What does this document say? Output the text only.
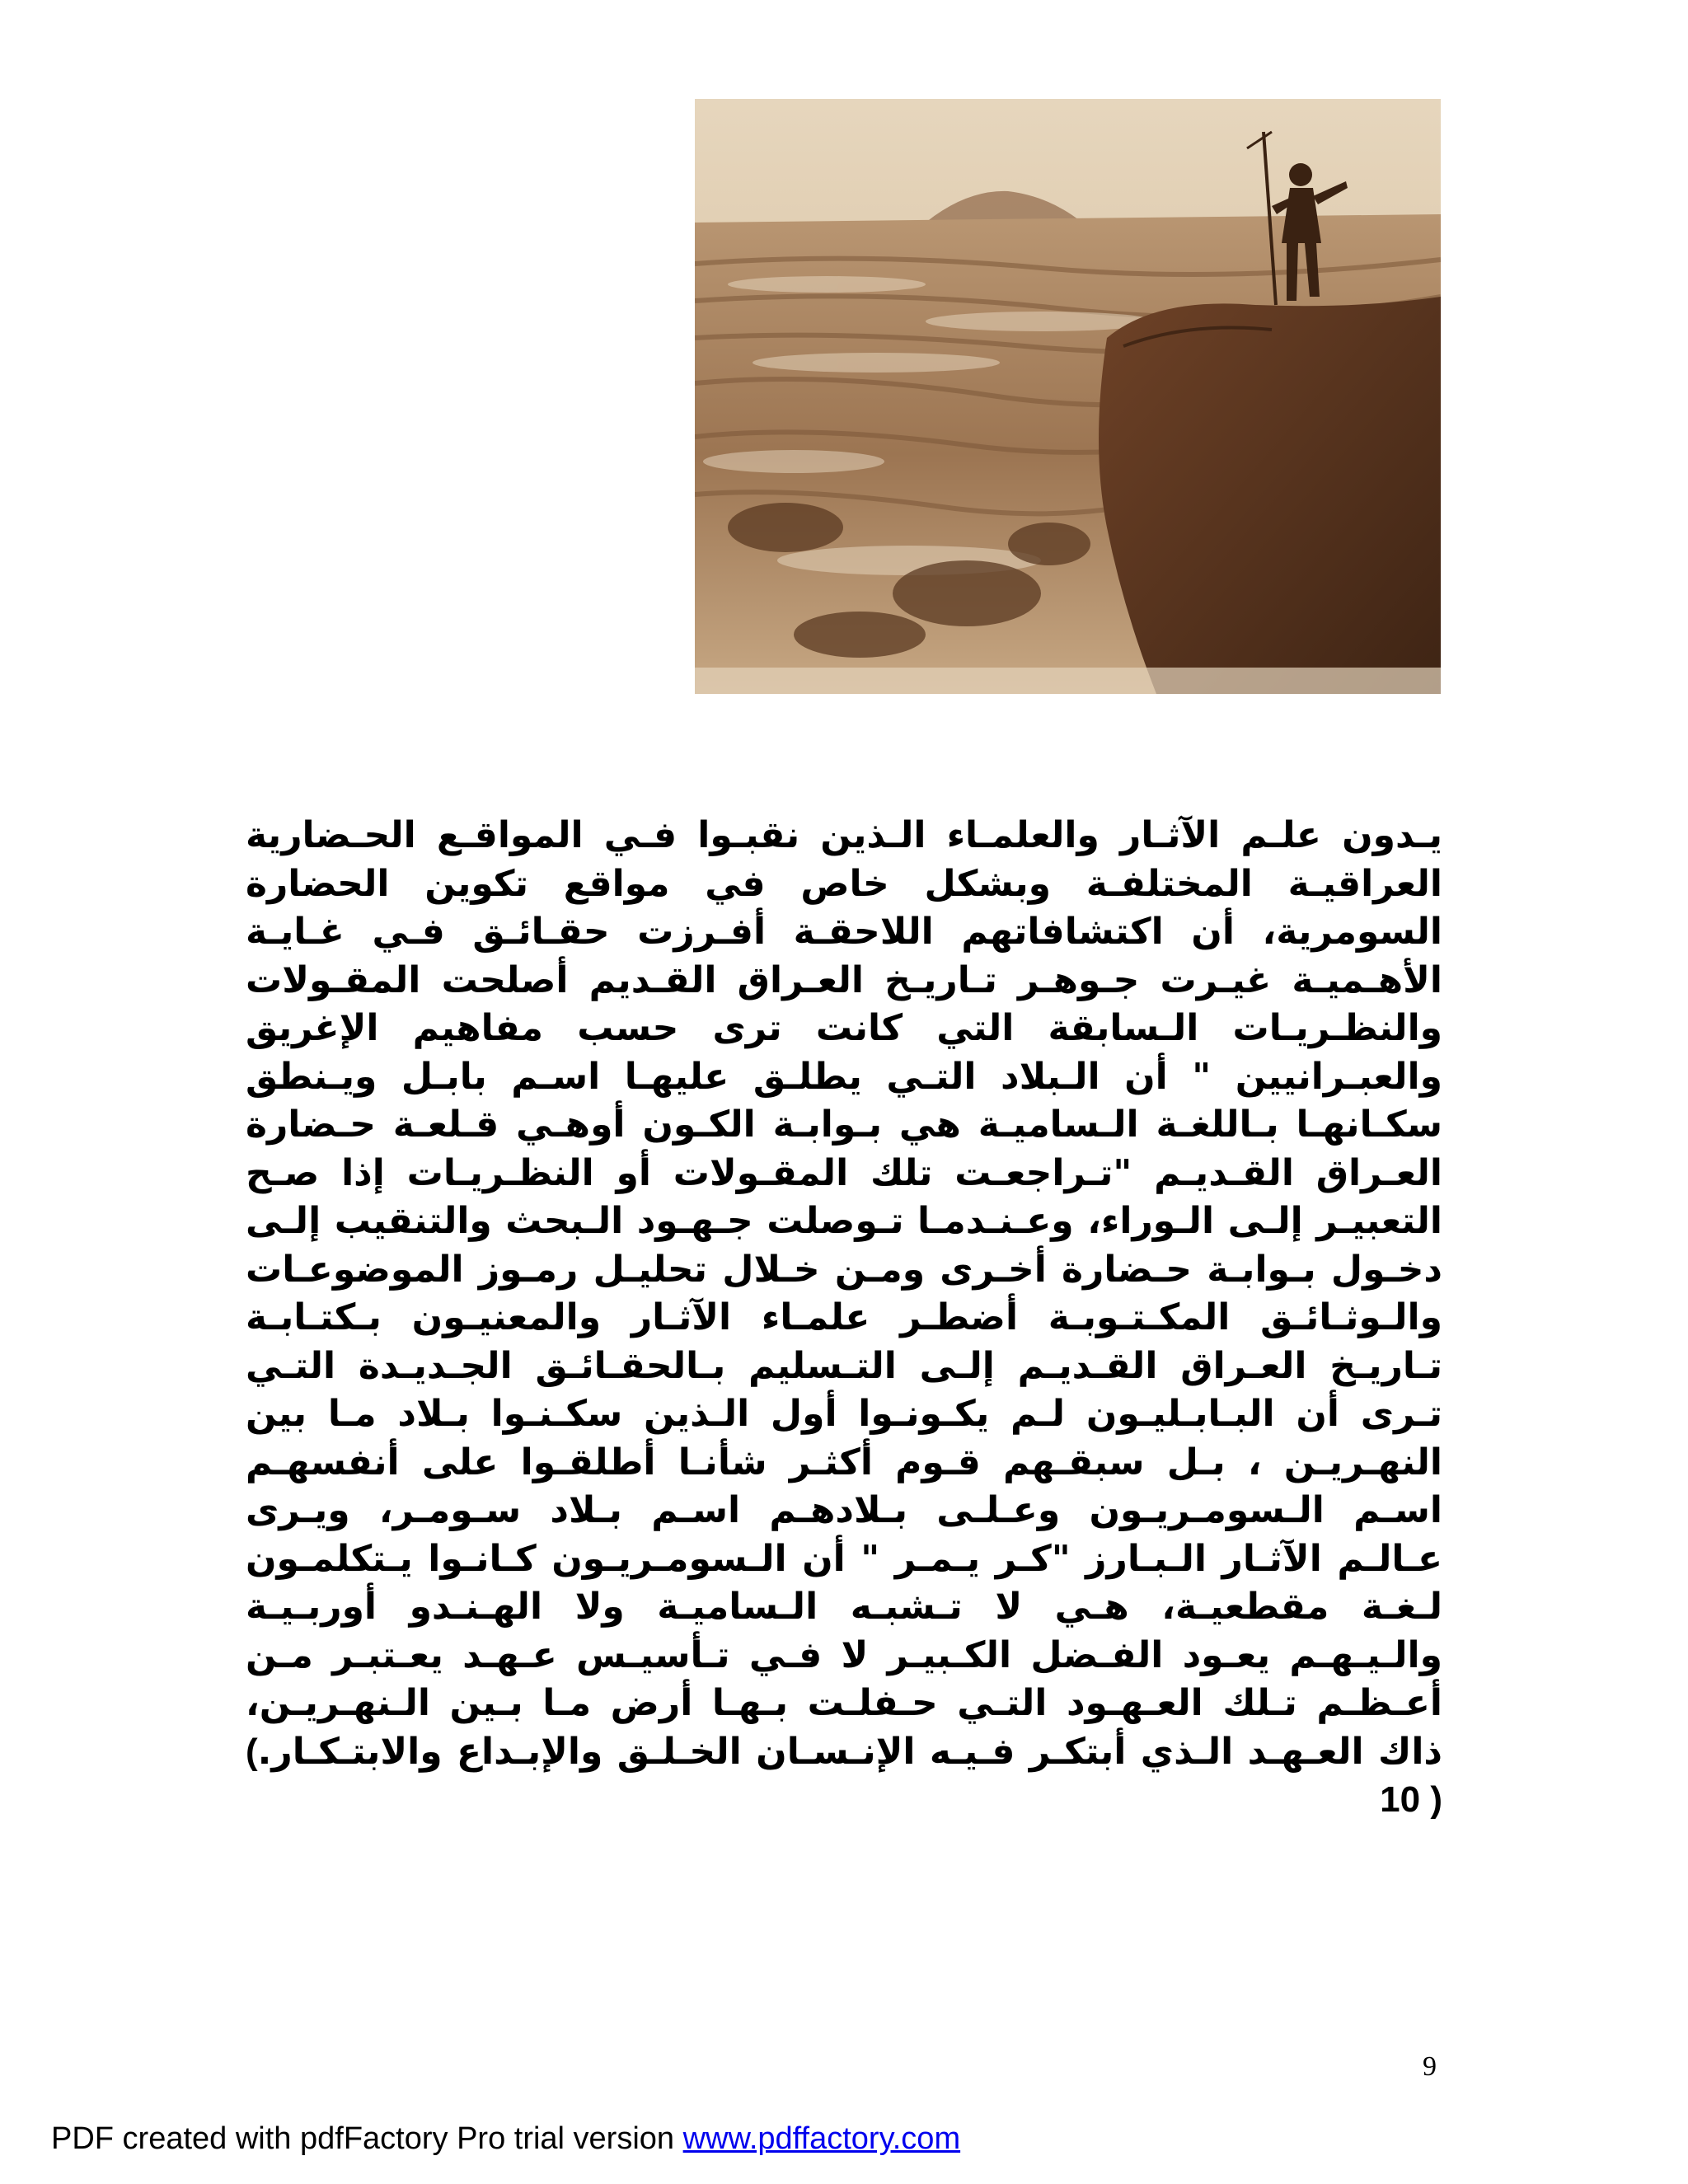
يـدون علـم الآثـار والعلمـاء الـذين نقبـوا فـي المواقـع الحـضارية العراقيـة المختلفـة وبشكل خاص في مواقع تكوين الحضارة السومرية، أن اكتشافاتهم اللاحقـة أفـرزت حقـائـق فـي غـايـة الأهـميـة غيـرت جـوهـر تـاريـخ العـراق القـديم أصلحت المقـولات والنظـريـات الـسابقة التي كانت ترى حسب مفاهيم الإغريق والعبـرانيين " أن الـبلاد التـي يطلـق عليهـا اسـم بابـل ويـنطق سكـانهـا بـاللغـة الـساميـة هي بـوابـة الكـون أوهـي قـلعـة حـضارة العـراق القـديـم "تـراجعـت تلك المقـولات أو النظـريـات إذا صـح التعبيـر إلـى الـوراء، وعـنـدمـا تـوصلت جـهـود الـبحث والتنقيب إلـى دخـول بـوابـة حـضارة أخـرى ومـن خـلال تحليـل رمـوز الموضوعـات والـوثـائـق المكـتـوبـة أضطـر علمـاء الآثـار والمعنيـون بـكتـابـة تـاريـخ العـراق القـديـم إلـى التـسليم بـالحقـائـق الجـديـدة التـي تـرى أن البـابـليـون لـم يكـونـوا أول الـذين سكـنـوا بـلاد مـا بين النهـريـن ، بـل سبقـهم قـوم أكثـر شأنـا أطلقـوا على أنفسهـم اسـم الـسومـريـون وعـلـى بـلادهـم اسـم بـلاد سـومـر، ويـرى عـالـم الآثـار الـبـارز "كـر يـمـر " أن الـسومـريـون كـانـوا يـتكلمـون لـغـة مقطعيـة، هـي لا تـشبـه الـساميـة ولا الهـنـدو أوربـيـة والـيـهـم يعـود الفـضل الكـبيـر لا فـي تـأسيـس عـهـد يعـتبـر مـن أعـظـم تـلك العـهـود التـي حـفلـت بـهـا أرض مـا بـين الـنهـريـن، ذاك العـهـد الـذي أبتكـر فـيـه الإنـسـان الخـلـق والإبـداع والابتـكـار.( 10 )

9
PDF created with pdfFactory Pro trial version www.pdffactory.com
